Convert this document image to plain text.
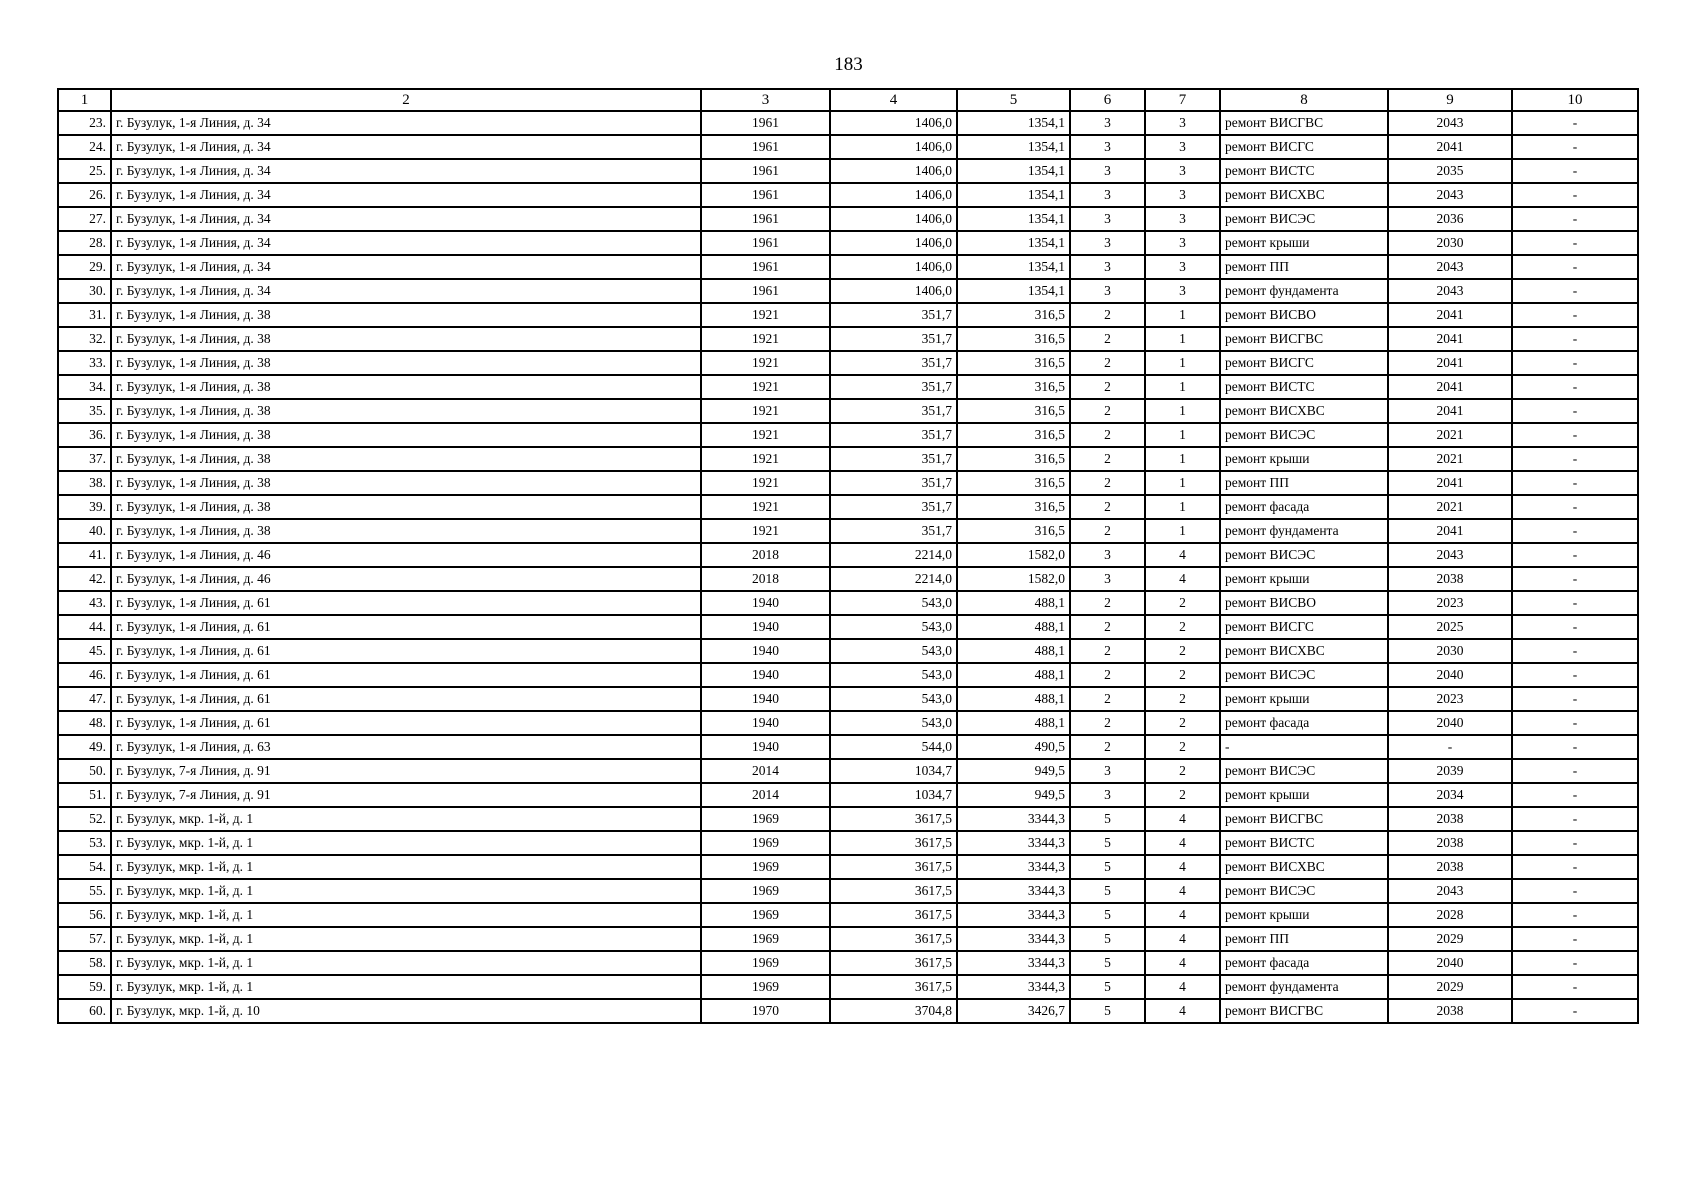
183
1	2	3	4	5	6	7	8	9	10
23.	г. Бузулук, 1-я Линия, д. 34	1961	1406,0	1354,1	3	3	ремонт ВИСГВС	2043	-
24.	г. Бузулук, 1-я Линия, д. 34	1961	1406,0	1354,1	3	3	ремонт ВИСГС	2041	-
25.	г. Бузулук, 1-я Линия, д. 34	1961	1406,0	1354,1	3	3	ремонт ВИСТС	2035	-
26.	г. Бузулук, 1-я Линия, д. 34	1961	1406,0	1354,1	3	3	ремонт ВИСХВС	2043	-
27.	г. Бузулук, 1-я Линия, д. 34	1961	1406,0	1354,1	3	3	ремонт ВИСЭС	2036	-
28.	г. Бузулук, 1-я Линия, д. 34	1961	1406,0	1354,1	3	3	ремонт крыши	2030	-
29.	г. Бузулук, 1-я Линия, д. 34	1961	1406,0	1354,1	3	3	ремонт ПП	2043	-
30.	г. Бузулук, 1-я Линия, д. 34	1961	1406,0	1354,1	3	3	ремонт фундамента	2043	-
31.	г. Бузулук, 1-я Линия, д. 38	1921	351,7	316,5	2	1	ремонт ВИСВО	2041	-
32.	г. Бузулук, 1-я Линия, д. 38	1921	351,7	316,5	2	1	ремонт ВИСГВС	2041	-
33.	г. Бузулук, 1-я Линия, д. 38	1921	351,7	316,5	2	1	ремонт ВИСГС	2041	-
34.	г. Бузулук, 1-я Линия, д. 38	1921	351,7	316,5	2	1	ремонт ВИСТС	2041	-
35.	г. Бузулук, 1-я Линия, д. 38	1921	351,7	316,5	2	1	ремонт ВИСХВС	2041	-
36.	г. Бузулук, 1-я Линия, д. 38	1921	351,7	316,5	2	1	ремонт ВИСЭС	2021	-
37.	г. Бузулук, 1-я Линия, д. 38	1921	351,7	316,5	2	1	ремонт крыши	2021	-
38.	г. Бузулук, 1-я Линия, д. 38	1921	351,7	316,5	2	1	ремонт ПП	2041	-
39.	г. Бузулук, 1-я Линия, д. 38	1921	351,7	316,5	2	1	ремонт фасада	2021	-
40.	г. Бузулук, 1-я Линия, д. 38	1921	351,7	316,5	2	1	ремонт фундамента	2041	-
41.	г. Бузулук, 1-я Линия, д. 46	2018	2214,0	1582,0	3	4	ремонт ВИСЭС	2043	-
42.	г. Бузулук, 1-я Линия, д. 46	2018	2214,0	1582,0	3	4	ремонт крыши	2038	-
43.	г. Бузулук, 1-я Линия, д. 61	1940	543,0	488,1	2	2	ремонт ВИСВО	2023	-
44.	г. Бузулук, 1-я Линия, д. 61	1940	543,0	488,1	2	2	ремонт ВИСГС	2025	-
45.	г. Бузулук, 1-я Линия, д. 61	1940	543,0	488,1	2	2	ремонт ВИСХВС	2030	-
46.	г. Бузулук, 1-я Линия, д. 61	1940	543,0	488,1	2	2	ремонт ВИСЭС	2040	-
47.	г. Бузулук, 1-я Линия, д. 61	1940	543,0	488,1	2	2	ремонт крыши	2023	-
48.	г. Бузулук, 1-я Линия, д. 61	1940	543,0	488,1	2	2	ремонт фасада	2040	-
49.	г. Бузулук, 1-я Линия, д. 63	1940	544,0	490,5	2	2	-	-	-
50.	г. Бузулук, 7-я Линия, д. 91	2014	1034,7	949,5	3	2	ремонт ВИСЭС	2039	-
51.	г. Бузулук, 7-я Линия, д. 91	2014	1034,7	949,5	3	2	ремонт крыши	2034	-
52.	г. Бузулук, мкр. 1-й, д. 1	1969	3617,5	3344,3	5	4	ремонт ВИСГВС	2038	-
53.	г. Бузулук, мкр. 1-й, д. 1	1969	3617,5	3344,3	5	4	ремонт ВИСТС	2038	-
54.	г. Бузулук, мкр. 1-й, д. 1	1969	3617,5	3344,3	5	4	ремонт ВИСХВС	2038	-
55.	г. Бузулук, мкр. 1-й, д. 1	1969	3617,5	3344,3	5	4	ремонт ВИСЭС	2043	-
56.	г. Бузулук, мкр. 1-й, д. 1	1969	3617,5	3344,3	5	4	ремонт крыши	2028	-
57.	г. Бузулук, мкр. 1-й, д. 1	1969	3617,5	3344,3	5	4	ремонт ПП	2029	-
58.	г. Бузулук, мкр. 1-й, д. 1	1969	3617,5	3344,3	5	4	ремонт фасада	2040	-
59.	г. Бузулук, мкр. 1-й, д. 1	1969	3617,5	3344,3	5	4	ремонт фундамента	2029	-
60.	г. Бузулук, мкр. 1-й, д. 10	1970	3704,8	3426,7	5	4	ремонт ВИСГВС	2038	-
